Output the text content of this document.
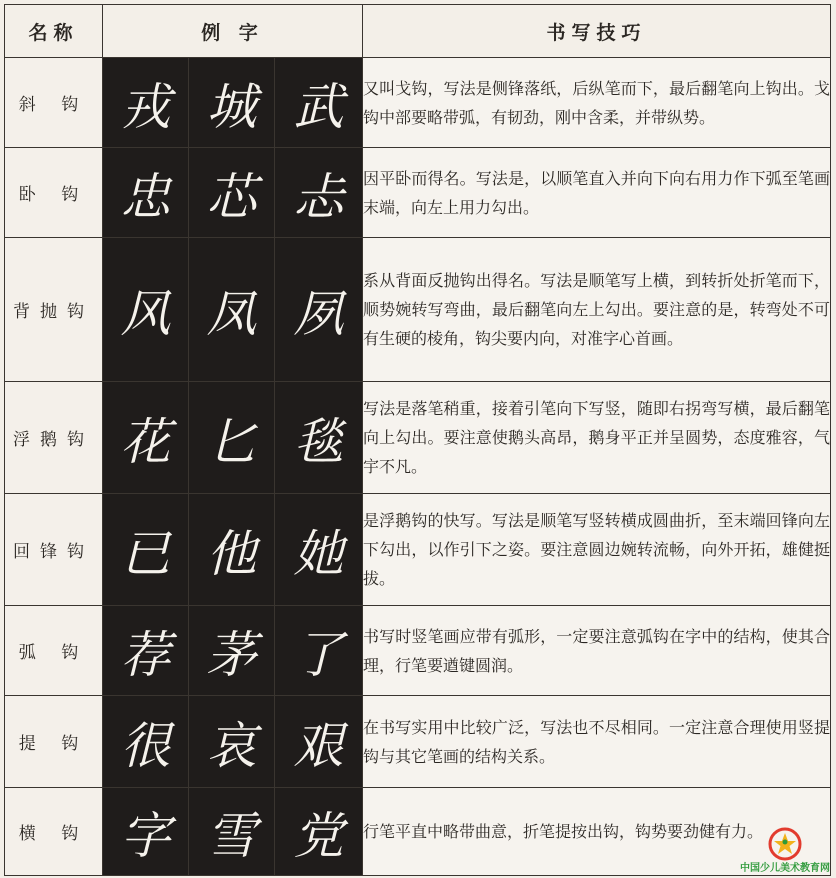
名称	例 字			书写技巧
斜 钩	戎	城	武	又叫戈钩，写法是侧锋落纸，后纵笔而下，最后翻笔向上钩出。戈钩中部要略带弧，有韧劲，刚中含柔，并带纵势。
卧 钩	忠	芯	忐	因平卧而得名。写法是，以顺笔直入并向下向右用力作下弧至笔画末端，向左上用力勾出。
背抛钩	风	凤	夙	系从背面反抛钩出得名。写法是顺笔写上横，到转折处折笔而下，顺势婉转写弯曲，最后翻笔向左上勾出。要注意的是，转弯处不可有生硬的棱角，钩尖要内向，对准字心首画。
浮鹅钩	花	匕	毯	写法是落笔稍重，接着引笔向下写竖，随即右拐弯写横，最后翻笔向上勾出。要注意使鹅头高昂，鹅身平正并呈圆势，态度雅容，气宇不凡。
回锋钩	已	他	她	是浮鹅钩的快写。写法是顺笔写竖转横成圆曲折，至末端回锋向左下勾出，以作引下之姿。要注意圆边婉转流畅，向外开拓，雄健挺拔。
弧 钩	荐	茅	了	书写时竖笔画应带有弧形，一定要注意弧钩在字中的结构，使其合理，行笔要遒键圆润。
提 钩	很	哀	艰	在书写实用中比较广泛，写法也不尽相同。一定注意合理使用竖提钩与其它笔画的结构关系。
横 钩	字	雪	党	行笔平直中略带曲意，折笔提按出钩，钩势要劲健有力。
中国少儿美术教育网
